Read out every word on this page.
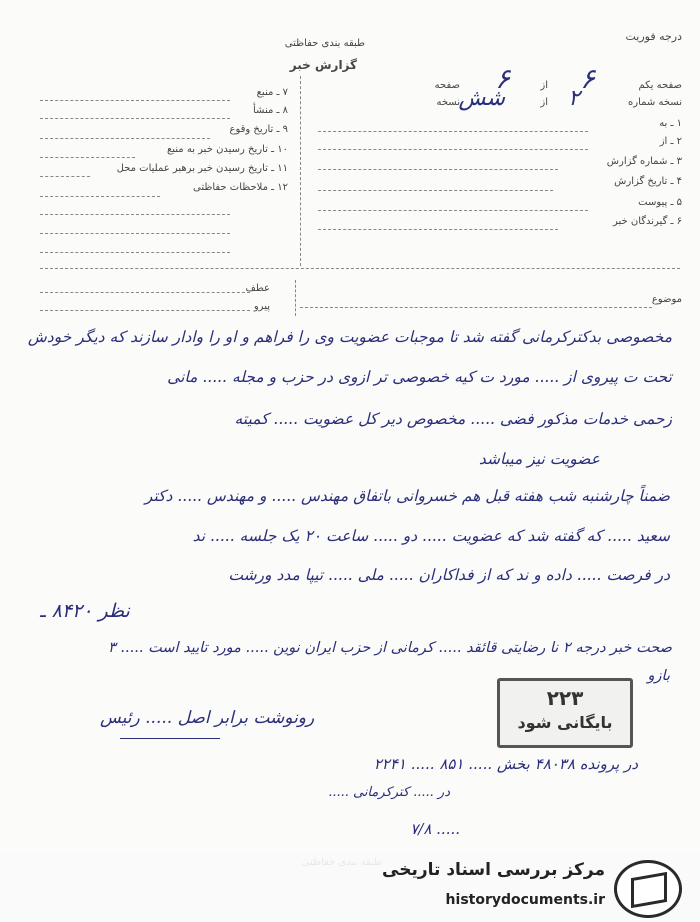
درجه فوریت
طبقه بندی حفاظتی
گزارش خبر
۷ ـ منبع
۸ ـ منشأ
۹ ـ تاریخ وقوع
۱۰ ـ تاریخ رسیدن خبر به منبع
۱۱ ـ تاریخ رسیدن خبر برهبر عملیات محل
۱۲ ـ ملاحظات حفاظتی
صفحه یکم
نسخه شماره
۱ ـ به
۲ ـ از
۳ ـ شماره گزارش
۴ ـ تاریخ گزارش
۵ ـ پیوست
۶ ـ گیرندگان خبر
صفحه
نسخه
از
از
۶
۶
۲
شش
موضوع
عطف
پیرو
مخصوصی بدکترکرمانی گفته شد تا موجبات عضویت وی را فراهم و او را وادار سازند که دیگر خودش
تحت ت پیروی از ..... مورد ت کیه خصوصی تر ازوی در حزب و مجله ..... مانی
زحمی خدمات مذکور فضی ..... مخصوص دیر کل عضویت ..... کمیته
عضویت نیز میباشد
ضمناً چارشنبه شب هفته قبل هم خسروانی باتفاق مهندس ..... و مهندس ..... دکتر
سعید ..... که گفته شد که عضویت ..... دو ..... ساعت ۲۰ یک جلسه ..... ند
در فرصت ..... داده و ند که از فداکاران ..... ملی ..... تیپا مدد ورشت
نظر ۸۴۲۰ ـ
صحت خبر درجه ۲ نا رضایتی قائقد ..... کرمانی از حزب ایران نوین ..... مورد تایید است ..... ۳
بازو
رونوشت برابر اصل ..... رئیس
۲۲۳
بایگانی شود
در پرونده ۴۸۰۳۸ بخش ..... ۸۵۱ ..... ۲۲۴۱
در ..... کترکرمانی .....
..... ۷/۸
مرکز بررسی اسناد تاریخی
historydocuments.ir
